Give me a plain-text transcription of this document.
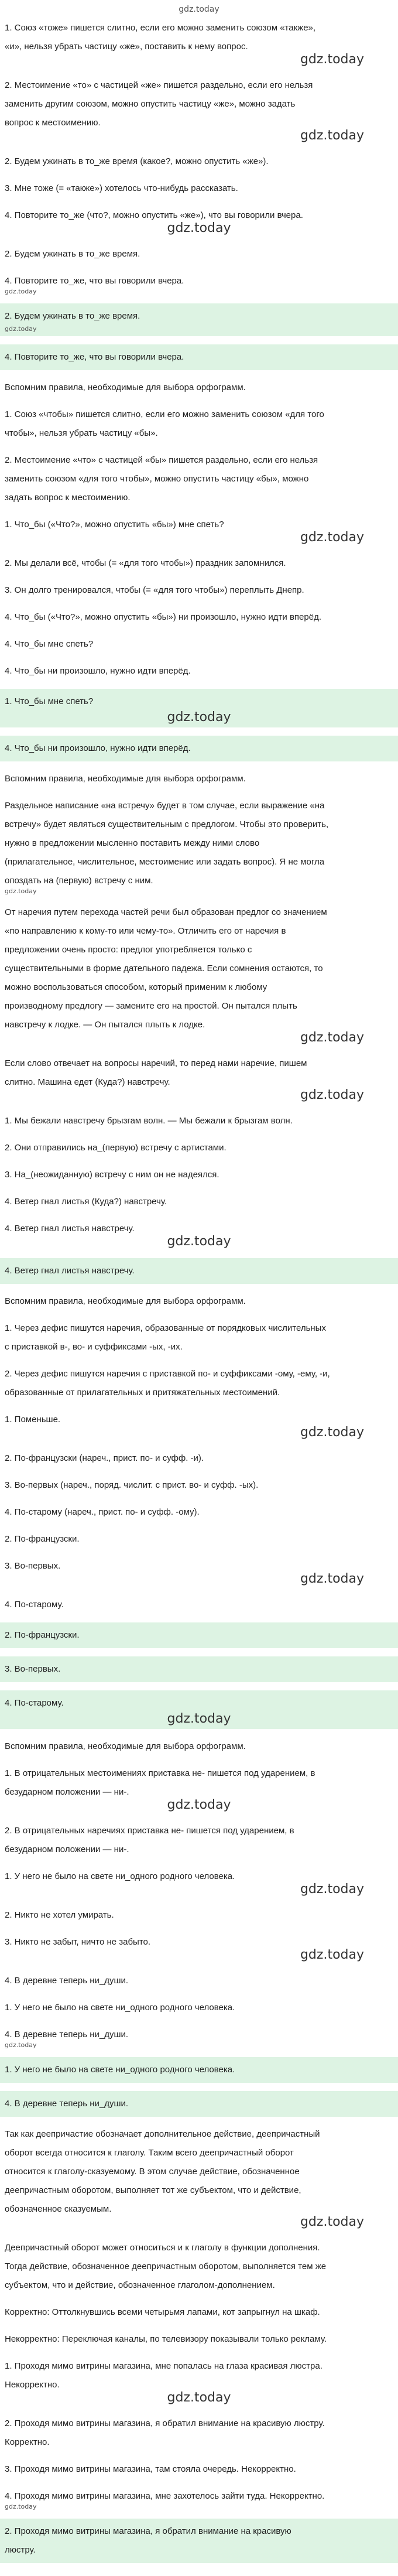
gdz.today
1. Союз «тоже» пишется слитно, если его можно заменить союзом «также»,
«и», нельзя убрать частицу «же», поставить к нему вопрос.
gdz.today
2. Местоимение «то» с частицей «же» пишется раздельно, если его нельзя
заменить другим союзом, можно опустить частицу «же», можно задать
вопрос к местоимению.
gdz.today
2. Будем ужинать в то_же время (какое?, можно опустить «же»).
3. Мне тоже (= «также») хотелось что-нибудь рассказать.
4. Повторите то_же (что?, можно опустить «же»), что вы говорили вчера.
gdz.today
2. Будем ужинать в то_же время.
4. Повторите то_же, что вы говорили вчера.
gdz.today
2. Будем ужинать в то_же время.
gdz.today
4. Повторите то_же, что вы говорили вчера.
Вспомним правила, необходимые для выбора орфограмм.
1. Союз «чтобы» пишется слитно, если его можно заменить союзом «для того
чтобы», нельзя убрать частицу «бы».
2. Местоимение «что» с частицей «бы» пишется раздельно, если его нельзя
заменить союзом «для того чтобы», можно опустить частицу «бы», можно
задать вопрос к местоимению.
1. Что_бы («Что?», можно опустить «бы») мне спеть?
gdz.today
2. Мы делали всё, чтобы (= «для того чтобы») праздник запомнился.
3. Он долго тренировался, чтобы (= «для того чтобы») переплыть Днепр.
4. Что_бы («Что?», можно опустить «бы») ни произошло, нужно идти вперёд.
4. Что_бы мне спеть?
4. Что_бы ни произошло, нужно идти вперёд.
1. Что_бы мне спеть?
gdz.today
4. Что_бы ни произошло, нужно идти вперёд.
Вспомним правила, необходимые для выбора орфограмм.
Раздельное написание «на встречу» будет в том случае, если выражение «на
встречу» будет являться существительным с предлогом. Чтобы это проверить,
нужно в предложении мысленно поставить между ними слово
(прилагательное, числительное, местоимение или задать вопрос). Я не могла
опоздать на (первую) встречу с ним.
gdz.today
От наречия путем перехода частей речи был образован предлог со значением
«по направлению к кому-то или чему-то». Отличить его от наречия в
предложении очень просто: предлог употребляется только с
существительными в форме дательного падежа. Если сомнения остаются, то
можно воспользоваться способом, который применим к любому
производному предлогу — замените его на простой. Он пытался плыть
навстречу к лодке. — Он пытался плыть к лодке.
gdz.today
Если слово отвечает на вопросы наречий, то перед нами наречие, пишем
слитно. Машина едет (Куда?) навстречу.
gdz.today
1. Мы бежали навстречу брызгам волн. — Мы бежали к брызгам волн.
2. Они отправились на_(первую) встречу с артистами.
3. На_(неожиданную) встречу с ним он не надеялся.
4. Ветер гнал листья (Куда?) навстречу.
4. Ветер гнал листья навстречу.
gdz.today
4. Ветер гнал листья навстречу.
Вспомним правила, необходимые для выбора орфограмм.
1. Через дефис пишутся наречия, образованные от порядковых числительных
с приставкой в-, во- и суффиксами -ых, -их.
2. Через дефис пишутся наречия с приставкой по- и суффиксами -ому, -ему, -и,
образованные от прилагательных и притяжательных местоимений.
1. Поменьше.
gdz.today
2. По-французски (нареч., прист. по- и суфф. -и).
3. Во-первых (нареч., поряд. числит. с прист. во- и суфф. -ых).
4. По-старому (нареч., прист. по- и суфф. -ому).
2. По-французски.
3. Во-первых.
gdz.today
4. По-старому.
2. По-французски.
3. Во-первых.
4. По-старому.
gdz.today
Вспомним правила, необходимые для выбора орфограмм.
1. В отрицательных местоимениях приставка не- пишется под ударением, в
безударном положении — ни-.
gdz.today
2. В отрицательных наречиях приставка не- пишется под ударением, в
безударном положении — ни-.
1. У него не было на свете ни_одного родного человека.
gdz.today
2. Никто не хотел умирать.
3. Никто не забыт, ничто не забыто.
gdz.today
4. В деревне теперь ни_души.
1. У него не было на свете ни_одного родного человека.
4. В деревне теперь ни_души.
gdz.today
1. У него не было на свете ни_одного родного человека.
4. В деревне теперь ни_души.
Так как деепричастие обозначает дополнительное действие, деепричастный
оборот всегда относится к глаголу. Таким всего деепричастный оборот
относится к глаголу-сказуемому. В этом случае действие, обозначенное
деепричастным оборотом, выполняет тот же субъектом, что и действие,
обозначенное сказуемым.
gdz.today
Деепричастный оборот может относиться и к глаголу в функции дополнения.
Тогда действие, обозначенное деепричастным оборотом, выполняется тем же
субъектом, что и действие, обозначенное глаголом-дополнением.
Корректно: Оттолкнувшись всеми четырьмя лапами, кот запрыгнул на шкаф.
Некорректно: Переключая каналы, по телевизору показывали только рекламу.
1. Проходя мимо витрины магазина, мне попалась на глаза красивая люстра.
Некорректно.
gdz.today
2. Проходя мимо витрины магазина, я обратил внимание на красивую люстру.
Корректно.
3. Проходя мимо витрины магазина, там стояла очередь. Некорректно.
4. Проходя мимо витрины магазина, мне захотелось зайти туда. Некорректно.
gdz.today
2. Проходя мимо витрины магазина, я обратил внимание на красивую
люстру.
